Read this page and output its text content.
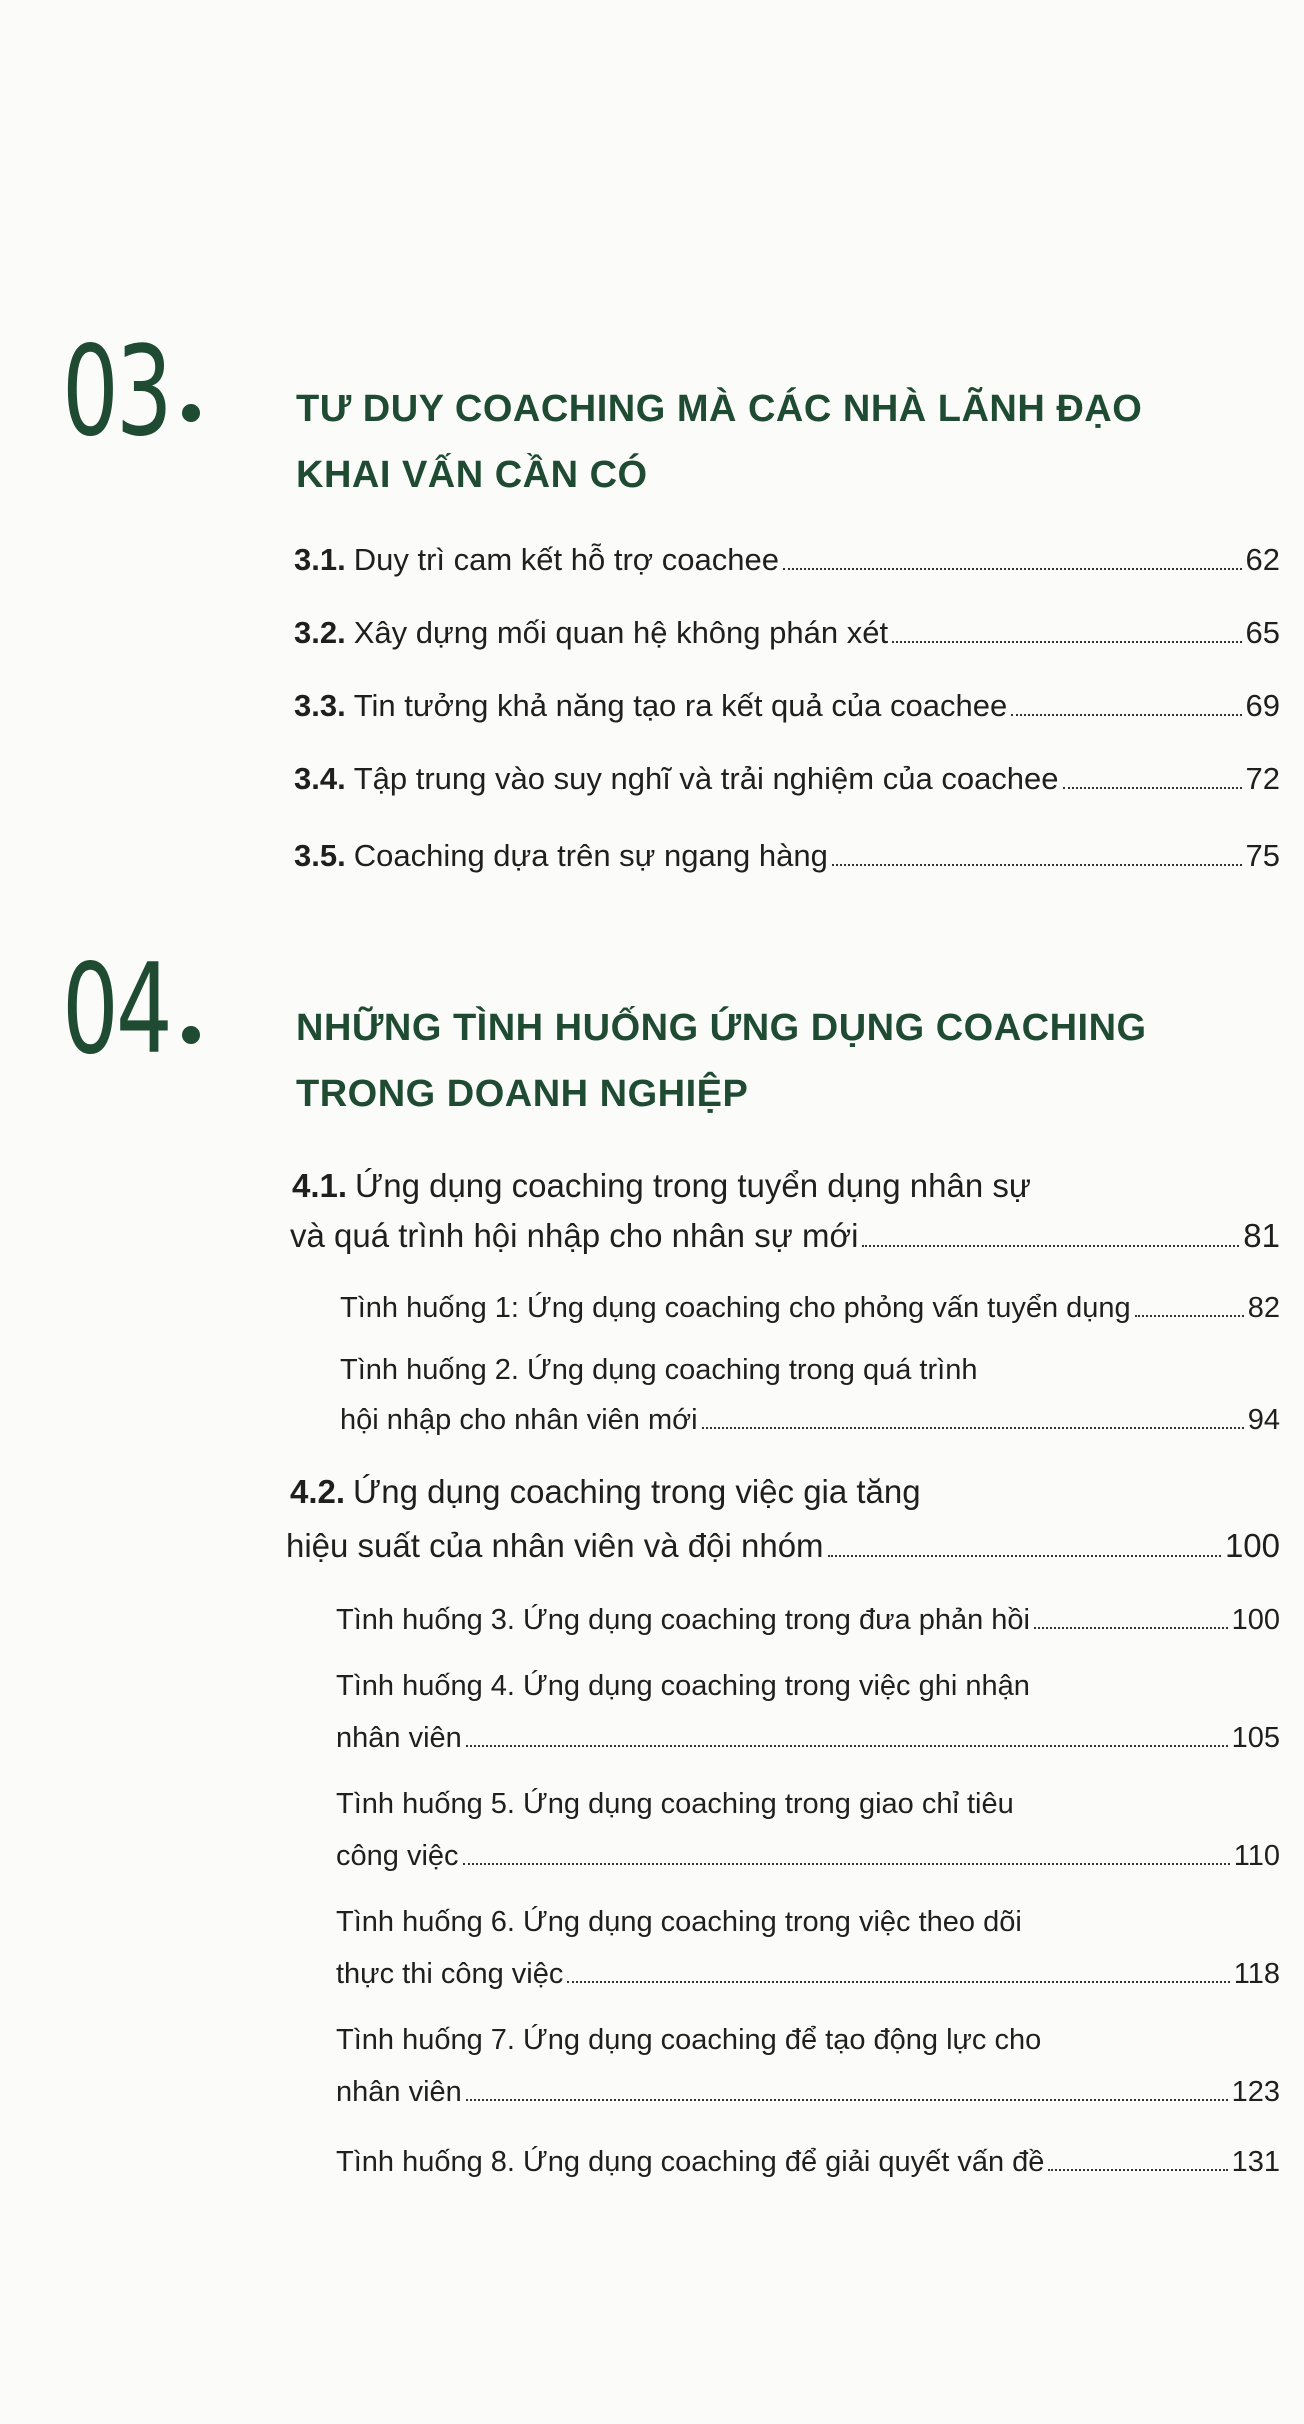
03	TƯ DUY COACHING MÀ CÁC NHÀ LÃNH ĐẠO
KHAI VẤN CẦN CÓ
3.1. Duy trì cam kết hỗ trợ coachee	62
3.2. Xây dựng mối quan hệ không phán xét	65
3.3. Tin tưởng khả năng tạo ra kết quả của coachee	69
3.4. Tập trung vào suy nghĩ và trải nghiệm của coachee	72
3.5. Coaching dựa trên sự ngang hàng	75
04	NHỮNG TÌNH HUỐNG ỨNG DỤNG COACHING
TRONG DOANH NGHIỆP
4.1. Ứng dụng coaching trong tuyển dụng nhân sự
và quá trình hội nhập cho nhân sự mới	81
Tình huống 1: Ứng dụng coaching cho phỏng vấn tuyển dụng	82
Tình huống 2. Ứng dụng coaching trong quá trình
hội nhập cho nhân viên mới	94
4.2. Ứng dụng coaching trong việc gia tăng
hiệu suất của nhân viên và đội nhóm	100
Tình huống 3. Ứng dụng coaching trong đưa phản hồi	100
Tình huống 4. Ứng dụng coaching trong việc ghi nhận
nhân viên	105
Tình huống 5. Ứng dụng coaching trong giao chỉ tiêu
công việc	110
Tình huống 6. Ứng dụng coaching trong việc theo dõi
thực thi công việc	118
Tình huống 7. Ứng dụng coaching để tạo động lực cho
nhân viên	123
Tình huống 8. Ứng dụng coaching để giải quyết vấn đề	131
